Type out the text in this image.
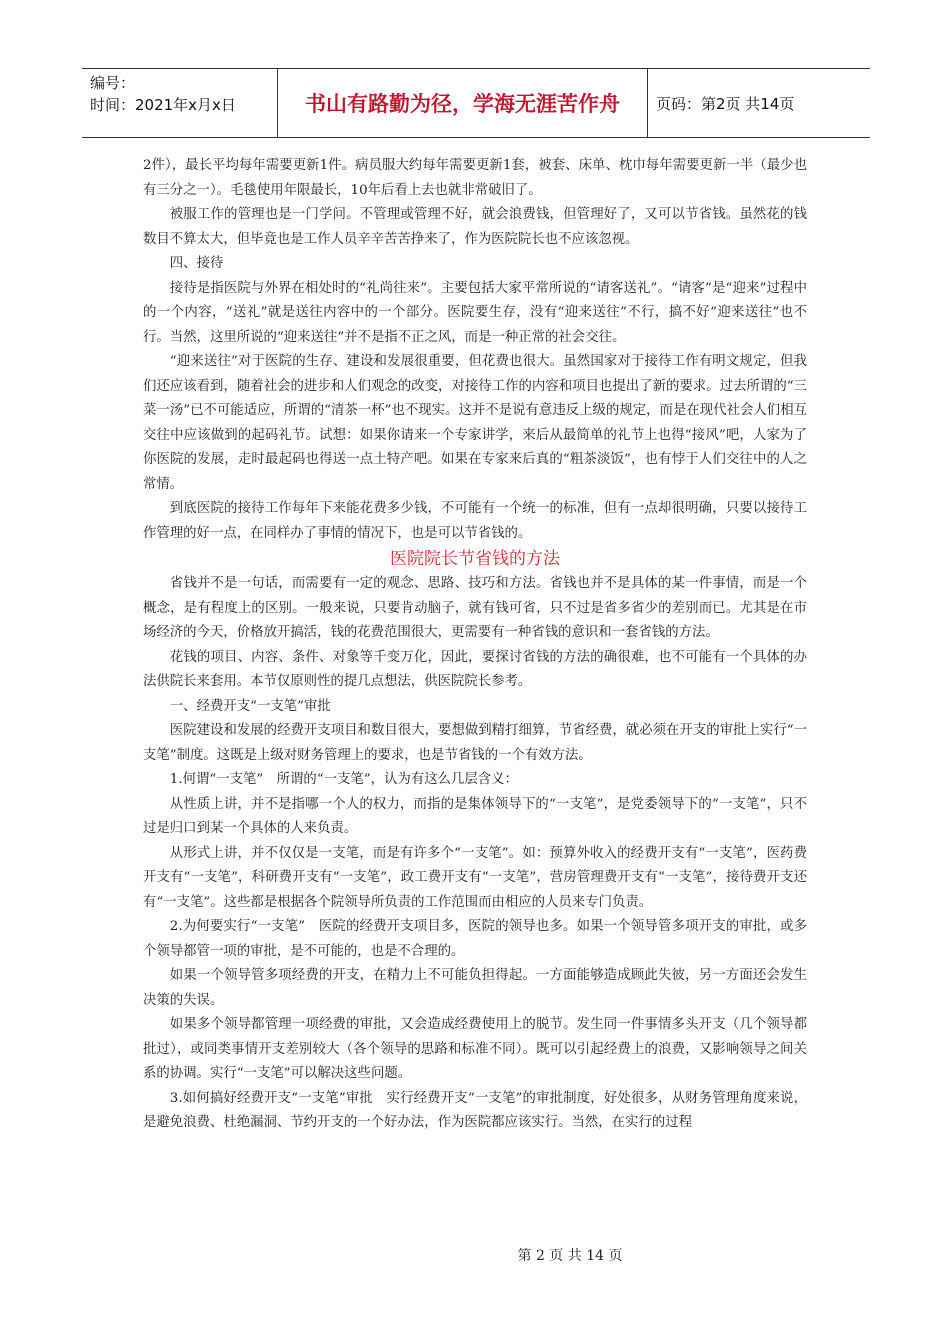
编号：
时间：2021年x月x日	书山有路勤为径，学海无涯苦作舟	页码：第2页 共14页

2件），最长平均每年需要更新1件。病员服大约每年需要更新1套，被套、床单、枕巾每年需要更新一半（最少也有三分之一）。毛毯使用年限最长，10年后看上去也就非常破旧了。

被服工作的管理也是一门学问。不管理或管理不好，就会浪费钱，但管理好了，又可以节省钱。虽然花的钱数目不算太大，但毕竟也是工作人员辛辛苦苦挣来了，作为医院院长也不应该忽视。

四、接待

接待是指医院与外界在相处时的“礼尚往来”。主要包括大家平常所说的“请客送礼”。“请客”是“迎来”过程中的一个内容，“送礼”就是送往内容中的一个部分。医院要生存，没有“迎来送往”不行，搞不好“迎来送往”也不行。当然，这里所说的“迎来送往”并不是指不正之风，而是一种正常的社会交往。

“迎来送往”对于医院的生存、建设和发展很重要，但花费也很大。虽然国家对于接待工作有明文规定，但我们还应该看到，随着社会的进步和人们观念的改变，对接待工作的内容和项目也提出了新的要求。过去所谓的“三菜一汤”已不可能适应，所谓的“清茶一杯”也不现实。这并不是说有意违反上级的规定，而是在现代社会人们相互交往中应该做到的起码礼节。试想：如果你请来一个专家讲学，来后从最简单的礼节上也得“接风”吧，人家为了你医院的发展，走时最起码也得送一点土特产吧。如果在专家来后真的“粗茶淡饭”，也有悖于人们交往中的人之常情。

到底医院的接待工作每年下来能花费多少钱，不可能有一个统一的标准，但有一点却很明确，只要以接待工作管理的好一点，在同样办了事情的情况下，也是可以节省钱的。

医院院长节省钱的方法

省钱并不是一句话，而需要有一定的观念、思路、技巧和方法。省钱也并不是具体的某一件事情，而是一个概念，是有程度上的区别。一般来说，只要肯动脑子，就有钱可省，只不过是省多省少的差别而已。尤其是在市场经济的今天，价格放开搞活，钱的花费范围很大，更需要有一种省钱的意识和一套省钱的方法。

花钱的项目、内容、条件、对象等千变万化，因此，要探讨省钱的方法的确很难，也不可能有一个具体的办法供院长来套用。本节仅原则性的提几点想法，供医院院长参考。

一、经费开支“一支笔”审批

医院建设和发展的经费开支项目和数目很大，要想做到精打细算，节省经费，就必须在开支的审批上实行“一支笔”制度。这既是上级对财务管理上的要求，也是节省钱的一个有效方法。

1.何谓“一支笔”　所谓的“一支笔”，认为有这么几层含义：

从性质上讲，并不是指哪一个人的权力，而指的是集体领导下的“一支笔”，是党委领导下的“一支笔”，只不过是归口到某一个具体的人来负责。

从形式上讲，并不仅仅是一支笔，而是有许多个“一支笔”。如：预算外收入的经费开支有“一支笔”，医药费开支有“一支笔”，科研费开支有“一支笔”，政工费开支有“一支笔”，营房管理费开支有“一支笔”，接待费开支还有“一支笔”。这些都是根据各个院领导所负责的工作范围而由相应的人员来专门负责。

2.为何要实行“一支笔”　医院的经费开支项目多，医院的领导也多。如果一个领导管多项开支的审批，或多个领导都管一项的审批，是不可能的，也是不合理的。

如果一个领导管多项经费的开支，在精力上不可能负担得起。一方面能够造成顾此失彼，另一方面还会发生决策的失误。

如果多个领导都管理一项经费的审批，又会造成经费使用上的脱节。发生同一件事情多头开支（几个领导都批过），或同类事情开支差别较大（各个领导的思路和标准不同）。既可以引起经费上的浪费，又影响领导之间关系的协调。实行“一支笔”可以解决这些问题。

3.如何搞好经费开支“一支笔”审批　实行经费开支“一支笔”的审批制度，好处很多，从财务管理角度来说，是避免浪费、杜绝漏洞、节约开支的一个好办法，作为医院都应该实行。当然，在实行的过程

第 2 页 共 14 页
